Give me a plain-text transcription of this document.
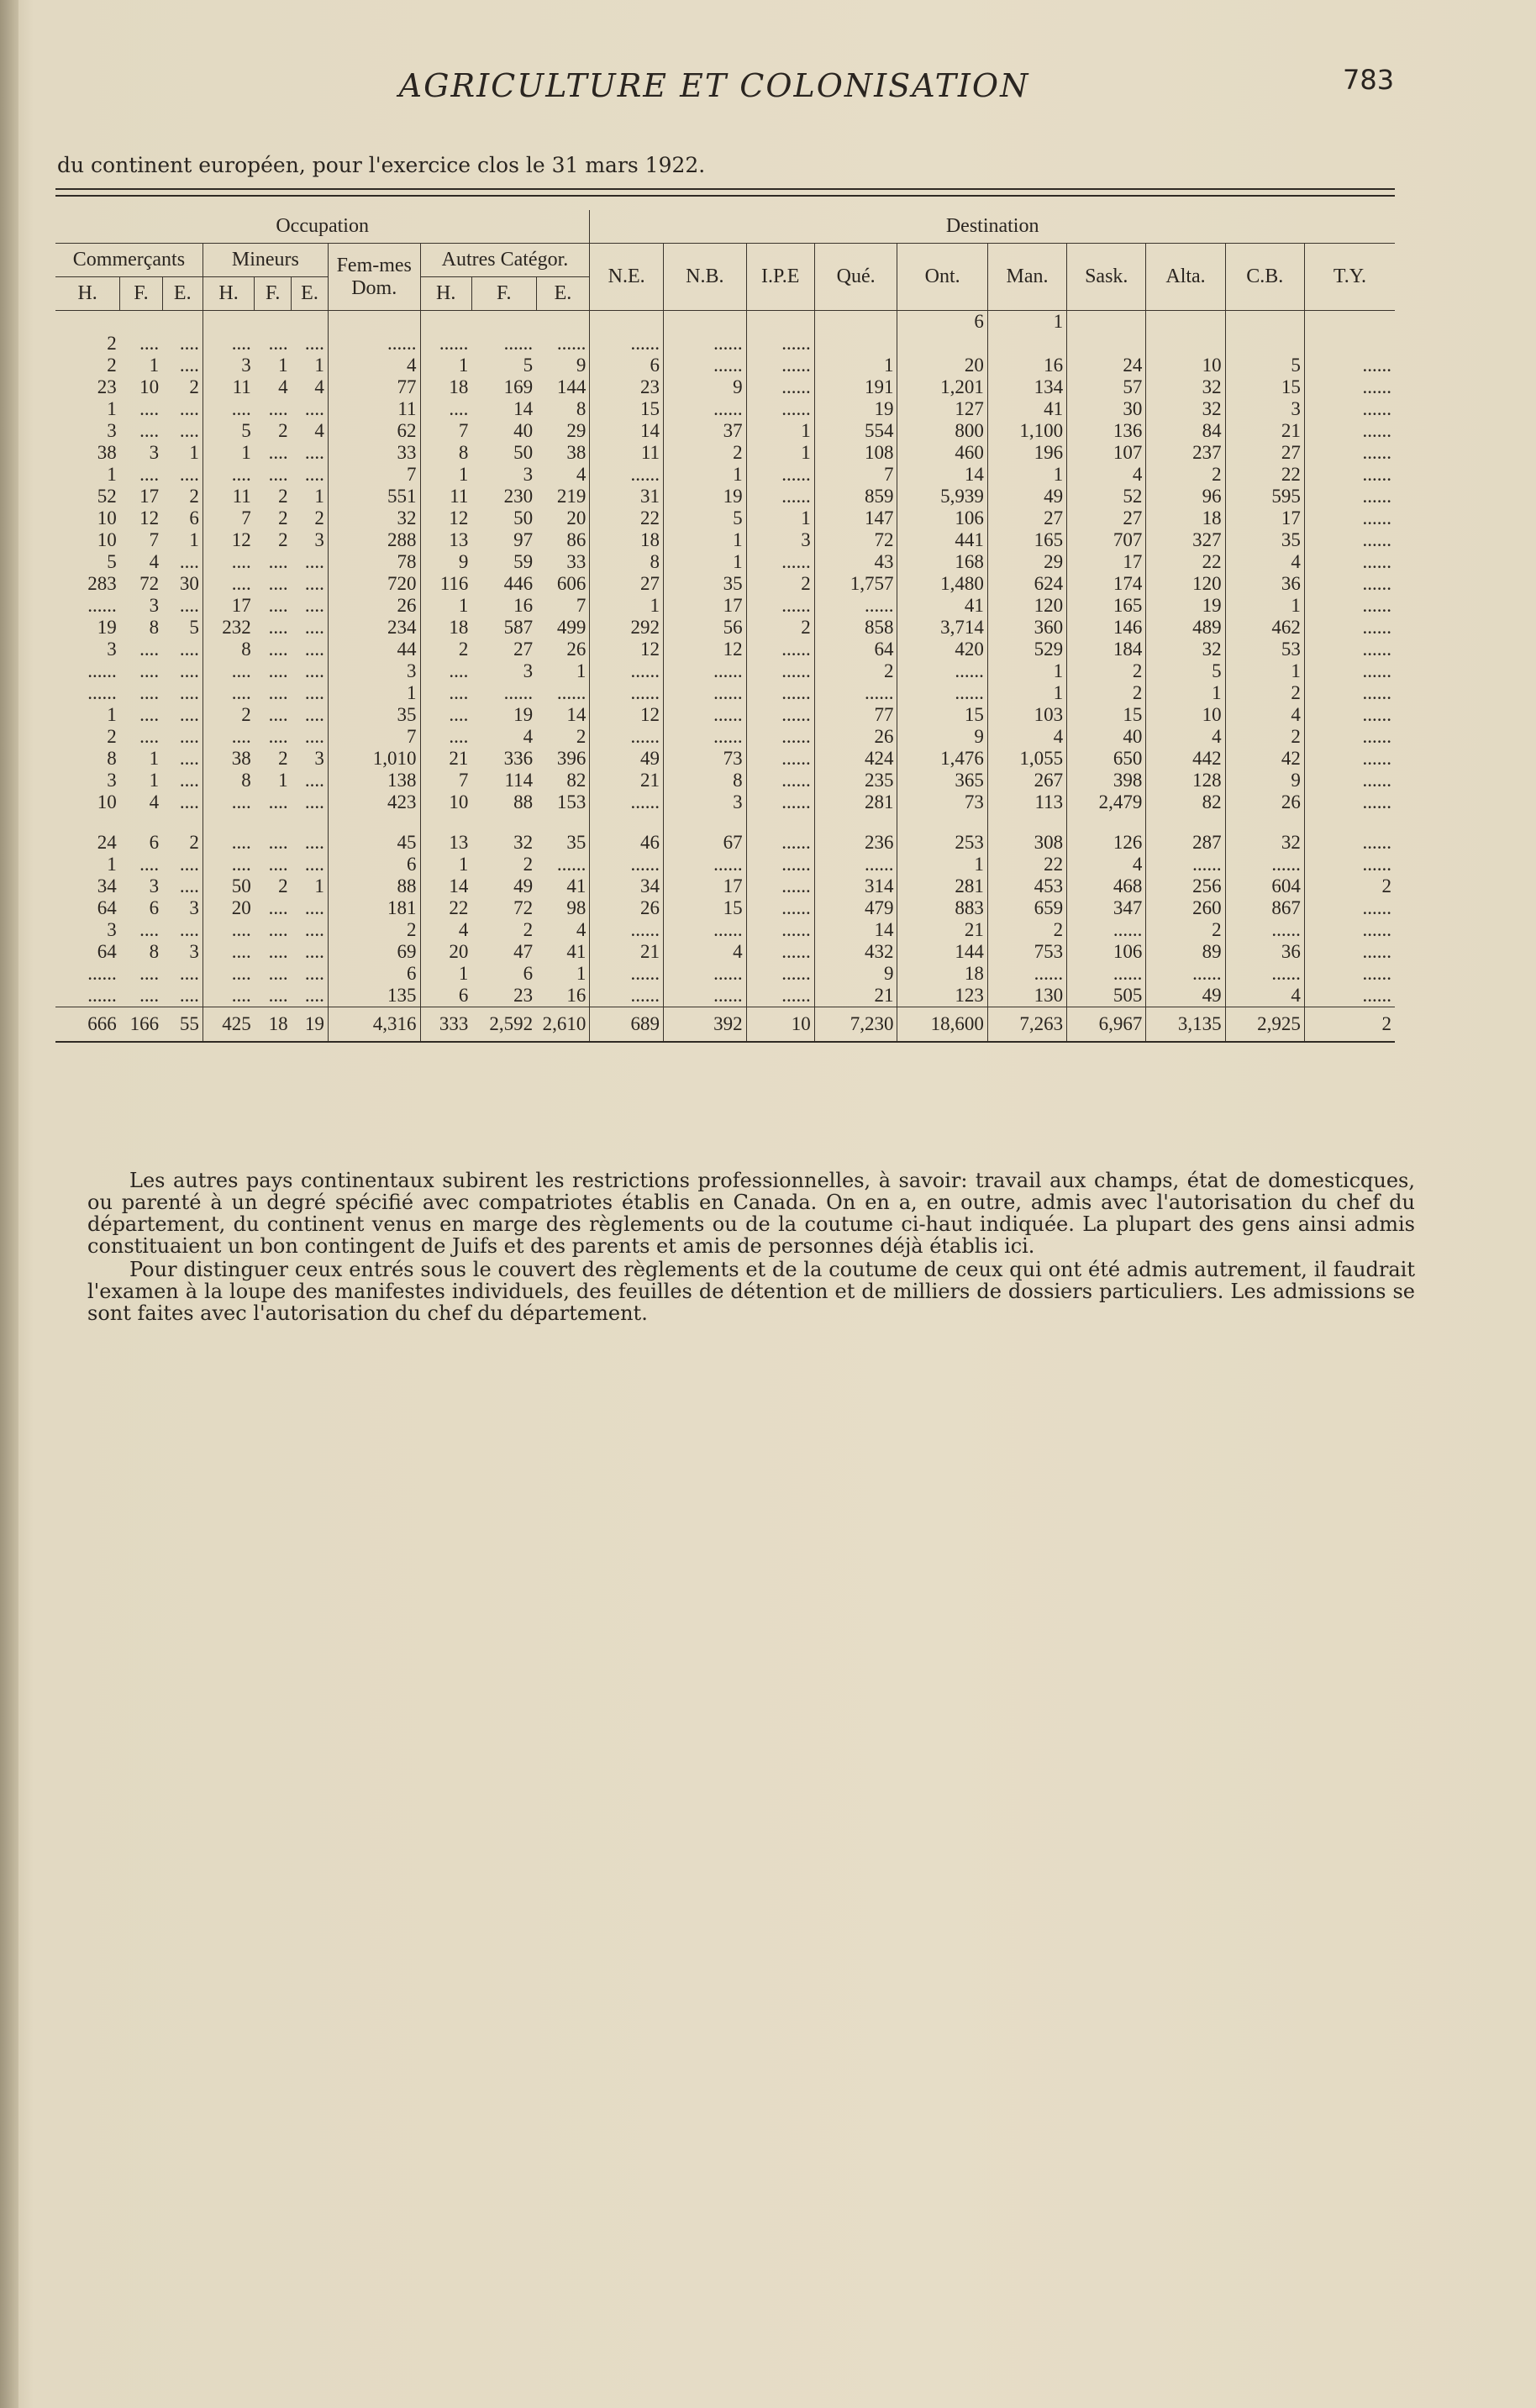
AGRICULTURE ET COLONISATION	783
du continent européen, pour l'exercice clos le 31 mars 1922.
Occupation										Destination									
Commerçants			Mineurs			Fem-mes Dom.	Autres Catégor.			N.E.	N.B.	I.P.E	Qué.	Ont.	Man.	Sask.	Alta.	C.B.	T.Y.
H.	F.	E.	H.	F.	E.		H.	F.	E.										
														6	1				
2	....	....	....	....	....	......	......	......	......	......	......	......							
2	1	....	3	1	1	4	1	5	9	6	......	......	1	20	16	24	10	5	......
23	10	2	11	4	4	77	18	169	144	23	9	......	191	1,201	134	57	32	15	......
1	....	....	....	....	....	11	....	14	8	15	......	......	19	127	41	30	32	3	......
3	....	....	5	2	4	62	7	40	29	14	37	1	554	800	1,100	136	84	21	......
38	3	1	1	....	....	33	8	50	38	11	2	1	108	460	196	107	237	27	......
1	....	....	....	....	....	7	1	3	4	......	1	......	7	14	1	4	2	22	......
52	17	2	11	2	1	551	11	230	219	31	19	......	859	5,939	49	52	96	595	......
10	12	6	7	2	2	32	12	50	20	22	5	1	147	106	27	27	18	17	......
10	7	1	12	2	3	288	13	97	86	18	1	3	72	441	165	707	327	35	......
5	4	....	....	....	....	78	9	59	33	8	1	......	43	168	29	17	22	4	......
283	72	30	....	....	....	720	116	446	606	27	35	2	1,757	1,480	624	174	120	36	......
......	3	....	17	....	....	26	1	16	7	1	17	......	......	41	120	165	19	1	......
19	8	5	232	....	....	234	18	587	499	292	56	2	858	3,714	360	146	489	462	......
3	....	....	8	....	....	44	2	27	26	12	12	......	64	420	529	184	32	53	......
......	....	....	....	....	....	3	....	3	1	......	......	......	2	......	1	2	5	1	......
......	....	....	....	....	....	1	....	......	......	......	......	......	......	......	1	2	1	2	......
1	....	....	2	....	....	35	....	19	14	12	......	......	77	15	103	15	10	4	......
2	....	....	....	....	....	7	....	4	2	......	......	......	26	9	4	40	4	2	......
8	1	....	38	2	3	1,010	21	336	396	49	73	......	424	1,476	1,055	650	442	42	......
3	1	....	8	1	....	138	7	114	82	21	8	......	235	365	267	398	128	9	......
10	4	....	....	....	....	423	10	88	153	......	3	......	281	73	113	2,479	82	26	......

24	6	2	....	....	....	45	13	32	35	46	67	......	236	253	308	126	287	32	......
1	....	....	....	....	....	6	1	2	......	......	......	......	......	1	22	4	......	......	......
34	3	....	50	2	1	88	14	49	41	34	17	......	314	281	453	468	256	604	2
64	6	3	20	....	....	181	22	72	98	26	15	......	479	883	659	347	260	867	......
3	....	....	....	....	....	2	4	2	4	......	......	......	14	21	2	......	2	......	......
64	8	3	....	....	....	69	20	47	41	21	4	......	432	144	753	106	89	36	......
......	....	....	....	....	....	6	1	6	1	......	......	......	9	18	......	......	......	......	......
......	....	....	....	....	....	135	6	23	16	......	......	......	21	123	130	505	49	4	......
666	166	55	425	18	19	4,316	333	2,592	2,610	689	392	10	7,230	18,600	7,263	6,967	3,135	2,925	2

Les autres pays continentaux subirent les restrictions professionnelles, à savoir: travail aux champs, état de domesticques, ou parenté à un degré spécifié avec compatriotes établis en Canada. On en a, en outre, admis avec l'autorisation du chef du département, du continent venus en marge des règlements ou de la coutume ci-haut indiquée. La plupart des gens ainsi admis constituaient un bon contingent de Juifs et des parents et amis de personnes déjà établis ici.

Pour distinguer ceux entrés sous le couvert des règlements et de la coutume de ceux qui ont été admis autrement, il faudrait l'examen à la loupe des manifestes individuels, des feuilles de détention et de milliers de dossiers particuliers. Les admissions se sont faites avec l'autorisation du chef du département.
